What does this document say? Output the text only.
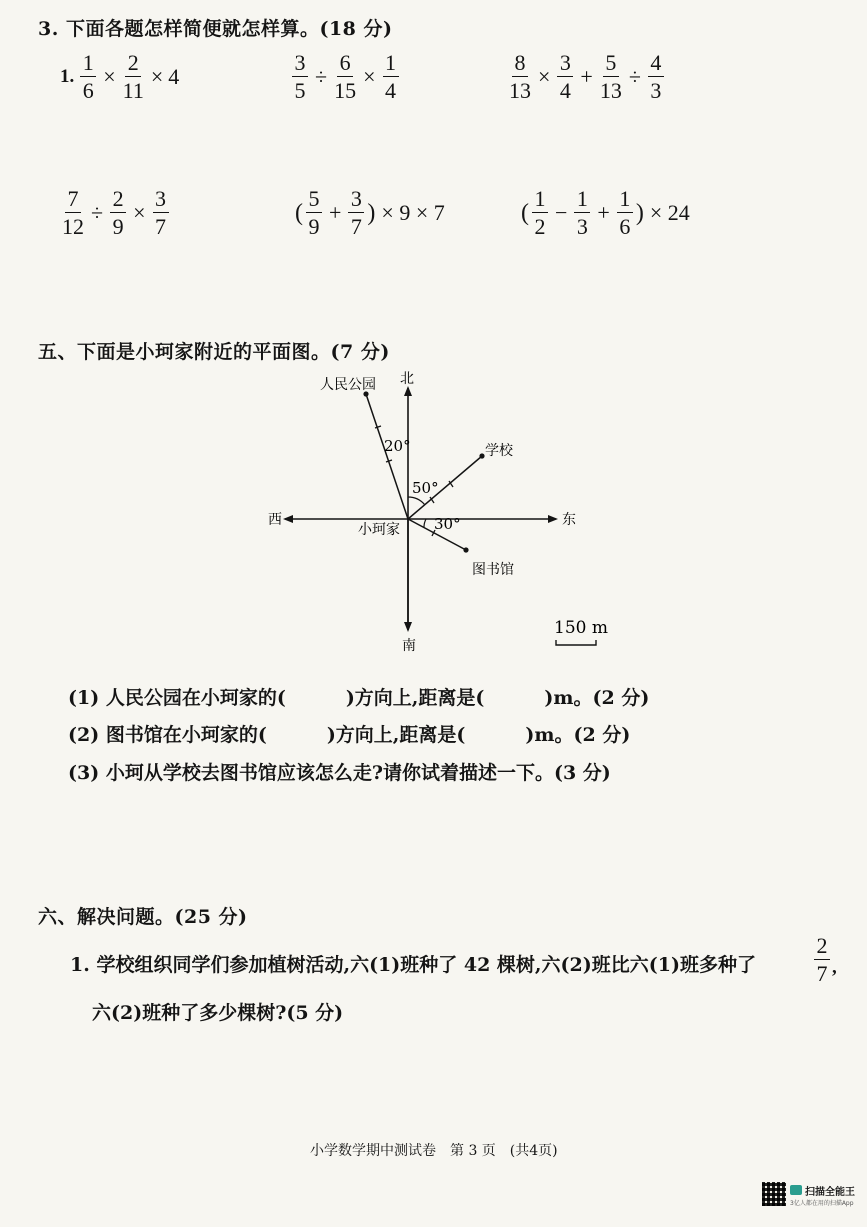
3. 下面各题怎样简便就怎样算。(18 分)
1. $\frac{1}{6} \times \frac{2}{11} \times 4$	$\frac{3}{5} \div \frac{6}{15} \times \frac{1}{4}$	$\frac{8}{13} \times \frac{3}{4} + \frac{5}{13} \div \frac{4}{3}$
$\frac{7}{12} \div \frac{2}{9} \times \frac{3}{7}$	( $\frac{5}{9} + \frac{3}{7}$ ) × 9 × 7	( $\frac{1}{2} - \frac{1}{3} + \frac{1}{6}$ ) × 24
五、下面是小珂家附近的平面图。(7 分)
北
南
东
西
小珂家
人民公园
学校
图书馆
20°
50°
30°
150 m
(1) 人民公园在小珂家的(	)方向上,距离是(	)m。(2 分)
(2) 图书馆在小珂家的(	)方向上,距离是(	)m。(2 分)
(3) 小珂从学校去图书馆应该怎么走?请你试着描述一下。(3 分)
六、解决问题。(25 分)
1. 学校组织同学们参加植树活动,六(1)班种了 42 棵树,六(2)班比六(1)班多种了	$\frac{2}{7}$ ,
六(2)班种了多少棵树?(5 分)
小学数学期中测试卷　第 3 页　(共4页)
扫描全能王
3亿人都在用的扫描App
